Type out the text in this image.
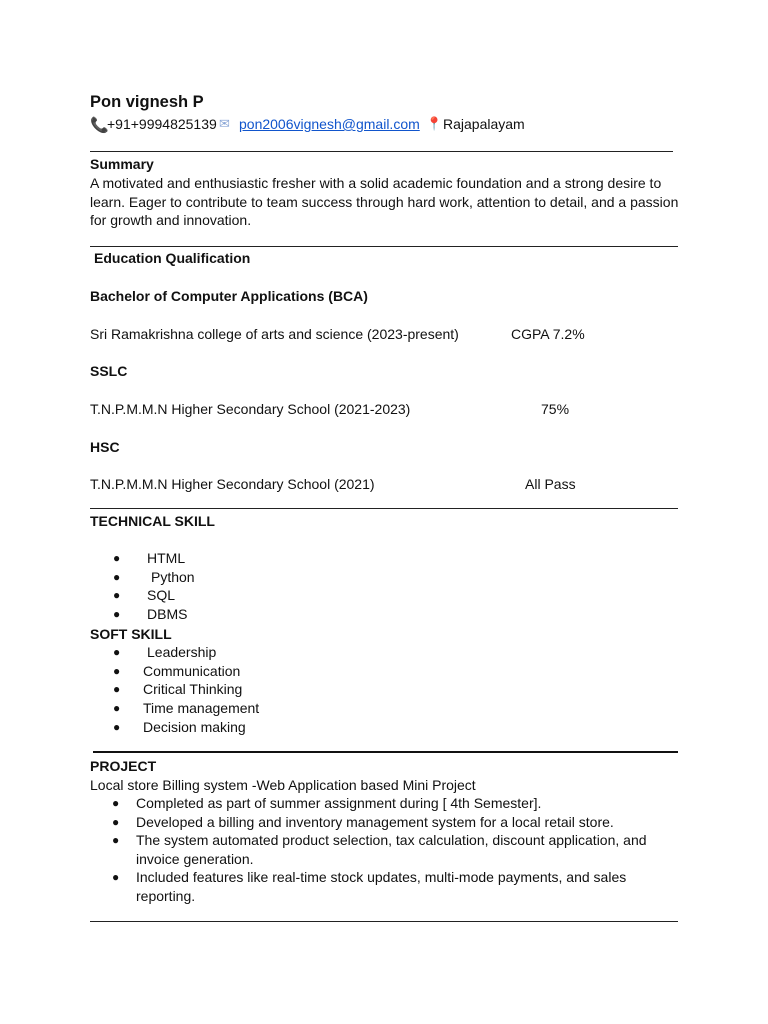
Pon vignesh P
📞
+91+9994825139 ✉ pon2006vignesh@gmail.com 📍 Rajapalayam
Summary
A motivated and enthusiastic fresher with a solid academic foundation and a strong desire to learn. Eager to contribute to team success through hard work, attention to detail, and a passion for growth and innovation.
Education Qualification
Bachelor of Computer Applications (BCA)
Sri Ramakrishna college of arts and science (2023-present)	CGPA 7.2%
SSLC
T.N.P.M.M.N Higher Secondary School (2021-2023)	75%
HSC
T.N.P.M.M.N Higher Secondary School (2021)	All Pass
TECHNICAL SKILL
● HTML
● Python
● SQL
● DBMS
SOFT SKILL
● Leadership
● Communication
● Critical Thinking
● Time management
● Decision making
PROJECT
Local store Billing system -Web Application based Mini Project
● Completed as part of summer assignment during [ 4th Semester].
● Developed a billing and inventory management system for a local retail store.
● The system automated product selection, tax calculation, discount application, and invoice generation.
● Included features like real-time stock updates, multi-mode payments, and sales reporting.
